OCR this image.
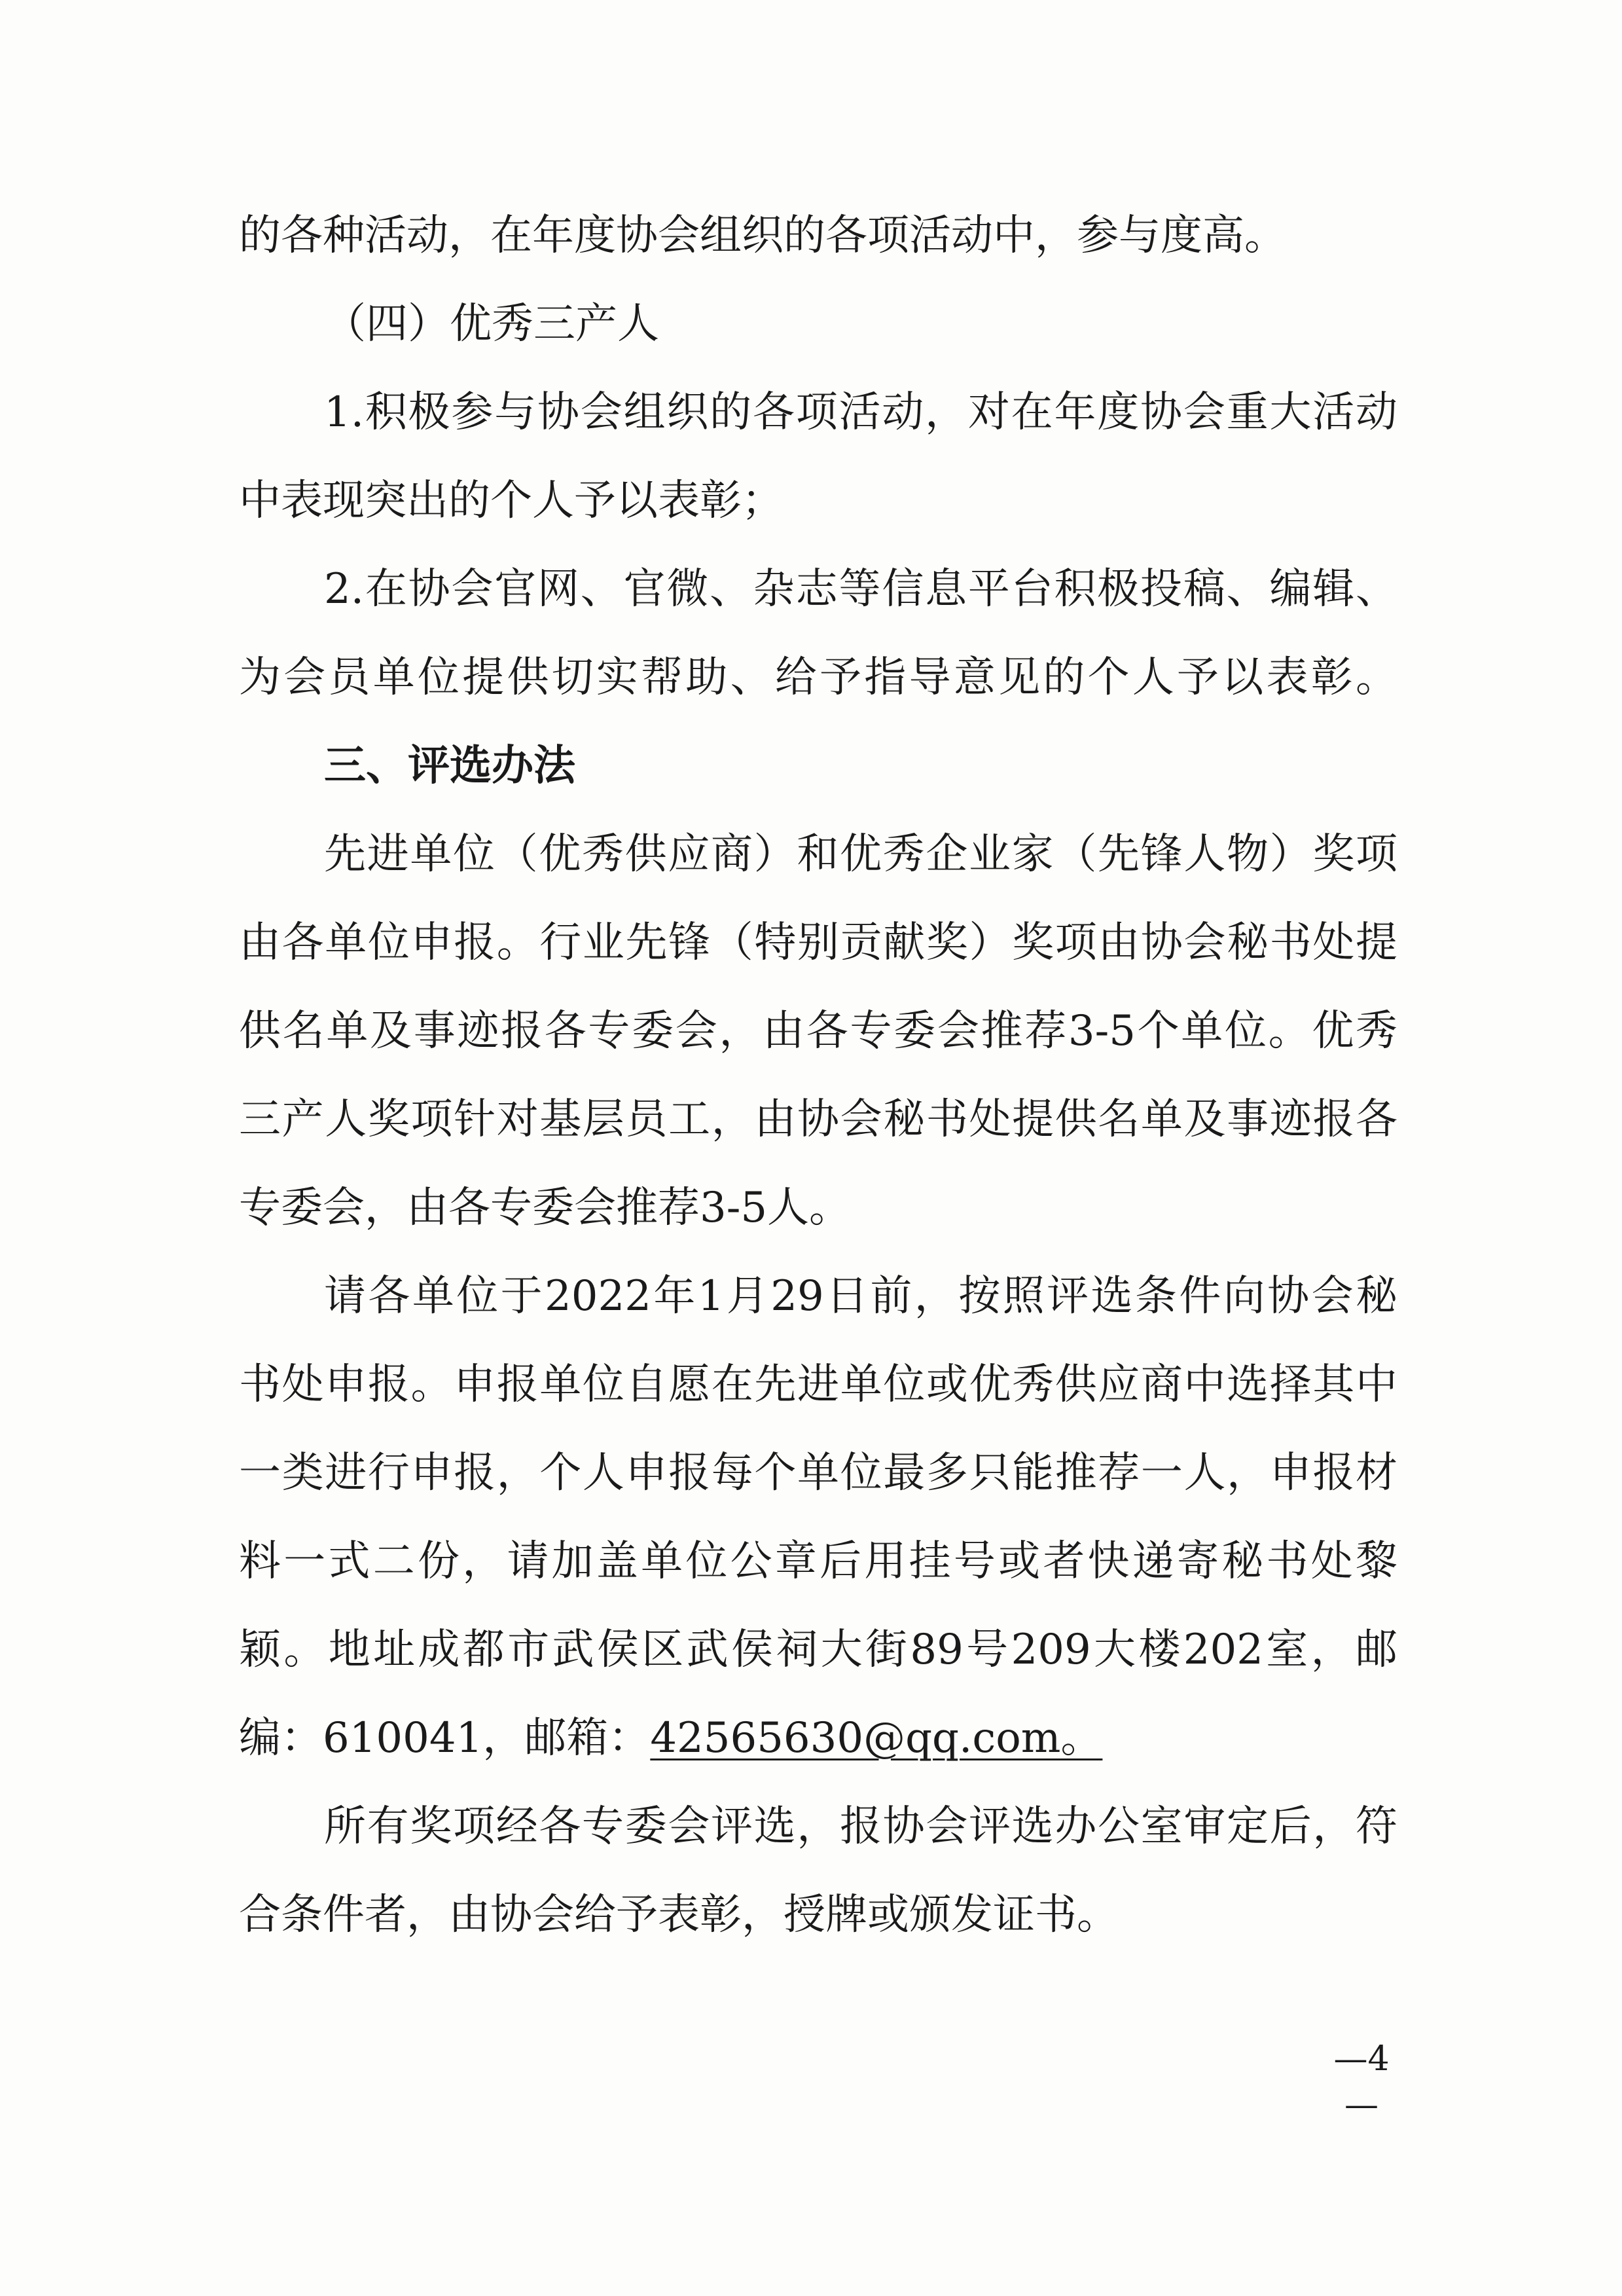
的各种活动，在年度协会组织的各项活动中，参与度高。
（四）优秀三产人
1.积极参与协会组织的各项活动，对在年度协会重大活动
中表现突出的个人予以表彰；
2.在协会官网、官微、杂志等信息平台积极投稿、编辑、
为会员单位提供切实帮助、给予指导意见的个人予以表彰。
三、评选办法
先进单位（优秀供应商）和优秀企业家（先锋人物）奖项
由各单位申报。行业先锋（特别贡献奖）奖项由协会秘书处提
供名单及事迹报各专委会，由各专委会推荐3-5个单位。优秀
三产人奖项针对基层员工，由协会秘书处提供名单及事迹报各
专委会，由各专委会推荐3-5人。
请各单位于2022年1月29日前，按照评选条件向协会秘
书处申报。申报单位自愿在先进单位或优秀供应商中选择其中
一类进行申报，个人申报每个单位最多只能推荐一人，申报材
料一式二份，请加盖单位公章后用挂号或者快递寄秘书处黎
颖。地址成都市武侯区武侯祠大街89号209大楼202室，邮
编：610041，邮箱：42565630@qq.com。
所有奖项经各专委会评选，报协会评选办公室审定后，符
合条件者，由协会给予表彰，授牌或颁发证书。
—4—
